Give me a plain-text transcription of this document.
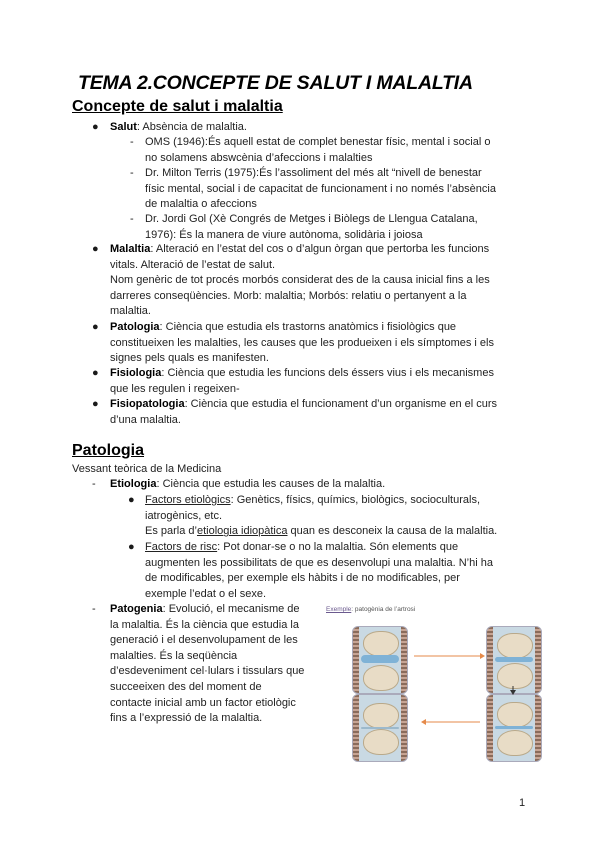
TEMA 2.CONCEPTE DE SALUT I MALALTIA
Concepte de salut i malaltia
● Salut: Absència de malaltia.
- OMS (1946):És aquell estat de complet benestar físic, mental i social o
no solamens abswcènia d’afeccions i malalties
- Dr. Milton Terris (1975):És l’assoliment del més alt “nivell de benestar
físic mental, social i de capacitat de funcionament i no només l’absència
de malaltia o afeccions
- Dr. Jordi Gol (Xè Congrés de Metges i Biòlegs de Llengua Catalana,
1976): És la manera de viure autònoma, solidària i joiosa
● Malaltia: Alteració en l’estat del cos o d’algun òrgan que pertorba les funcions
vitals. Alteració de l’estat de salut.
Nom genèric de tot procés morbós considerat des de la causa inicial fins a les
darreres conseqüències. Morb: malaltia; Morbós: relatiu o pertanyent a la
malaltia.
● Patologia: Ciència que estudia els trastorns anatòmics i fisiològics que
constitueixen les malalties, les causes que les produeixen i els símptomes i els
signes pels quals es manifesten.
● Fisiologia: Ciència que estudia les funcions dels éssers vius i els mecanismes
que les regulen i regeixen-
● Fisiopatologia: Ciència que estudia el funcionament d’un organisme en el curs
d’una malaltia.
Patologia
Vessant teòrica de la Medicina
- Etiologia: Ciència que estudia les causes de la malaltia.
● Factors etiològics: Genètics, físics, químics, biològics, socioculturals,
iatrogènics, etc.
Es parla d’etiologia idiopàtica quan es desconeix la causa de la malaltia.
● Factors de risc: Pot donar-se o no la malaltia. Són elements que
augmenten les possibilitats de que es desenvolupi una malaltia. N’hi ha
de modificables, per exemple els hàbits i de no modificables, per
exemple l’edat o el sexe.
- Patogenia: Evolució, el mecanisme de
la malaltia. És la ciència que estudia la
generació i el desenvolupament de les
malalties. És la seqüència
d’esdeveniment cel·lulars i tissulars que
succeeixen des del moment de
contacte inicial amb un factor etiològic
fins a l’expressió de la malaltia.
Exemple: patogènia de l’artrosi
1
